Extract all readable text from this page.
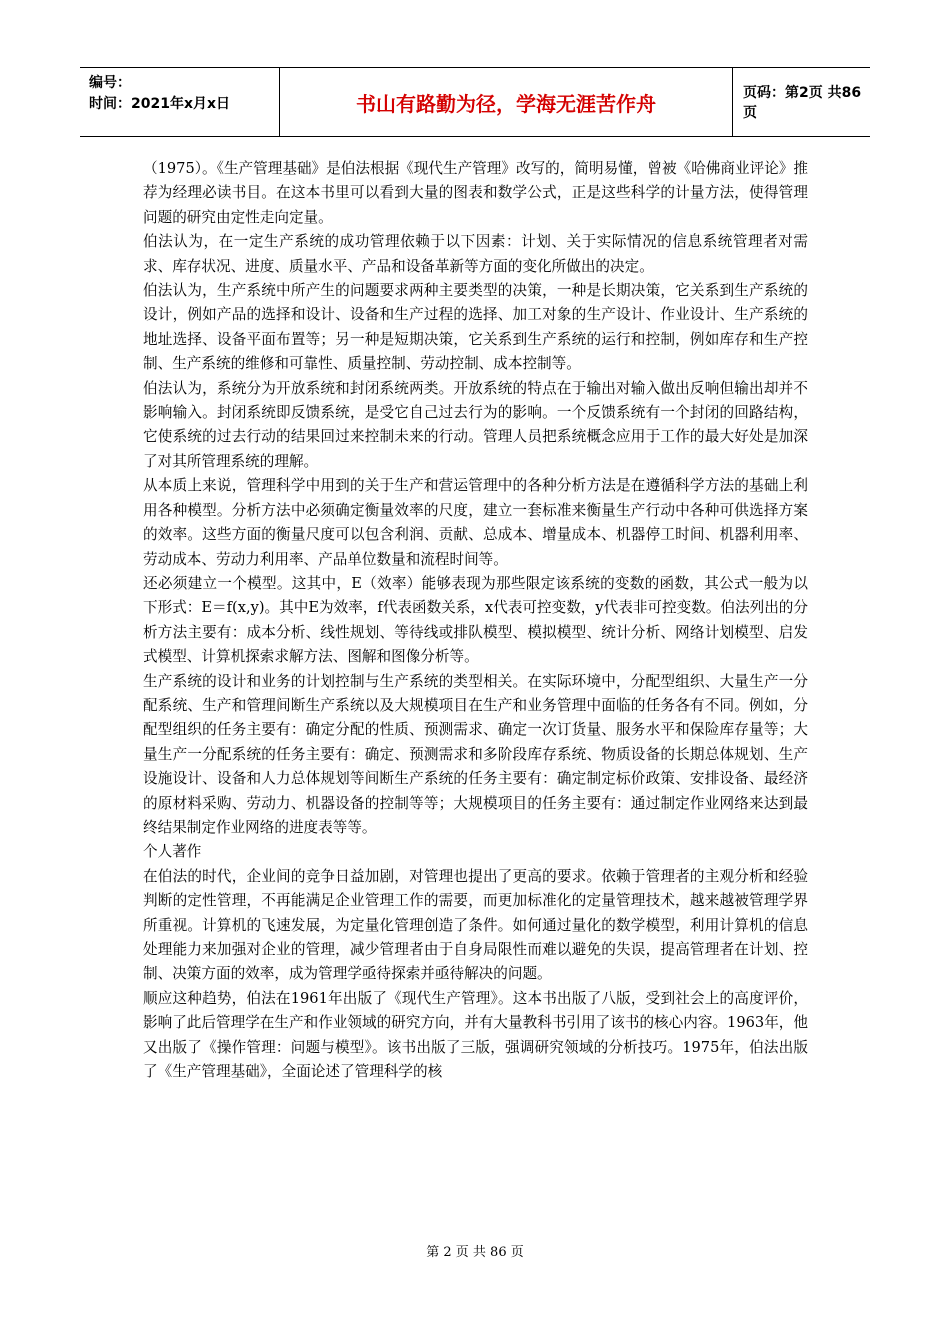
编号：
时间：2021年x月x日	书山有路勤为径，学海无涯苦作舟	页码：第2页 共86页

（1975）。《生产管理基础》是伯法根据《现代生产管理》改写的，简明易懂，曾被《哈佛商业评论》推荐为经理必读书目。在这本书里可以看到大量的图表和数学公式，正是这些科学的计量方法，使得管理问题的研究由定性走向定量。

伯法认为，在一定生产系统的成功管理依赖于以下因素：计划、关于实际情况的信息系统管理者对需求、库存状况、进度、质量水平、产品和设备革新等方面的变化所做出的决定。

伯法认为，生产系统中所产生的问题要求两种主要类型的决策，一种是长期决策，它关系到生产系统的设计，例如产品的选择和设计、设备和生产过程的选择、加工对象的生产设计、作业设计、生产系统的地址选择、设备平面布置等；另一种是短期决策，它关系到生产系统的运行和控制，例如库存和生产控制、生产系统的维修和可靠性、质量控制、劳动控制、成本控制等。

伯法认为，系统分为开放系统和封闭系统两类。开放系统的特点在于输出对输入做出反响但输出却并不影响输入。封闭系统即反馈系统，是受它自己过去行为的影响。一个反馈系统有一个封闭的回路结构，它使系统的过去行动的结果回过来控制未来的行动。管理人员把系统概念应用于工作的最大好处是加深了对其所管理系统的理解。

从本质上来说，管理科学中用到的关于生产和营运管理中的各种分析方法是在遵循科学方法的基础上利用各种模型。分析方法中必须确定衡量效率的尺度，建立一套标准来衡量生产行动中各种可供选择方案的效率。这些方面的衡量尺度可以包含利润、贡献、总成本、增量成本、机器停工时间、机器利用率、劳动成本、劳动力利用率、产品单位数量和流程时间等。

还必须建立一个模型。这其中，E（效率）能够表现为那些限定该系统的变数的函数，其公式一般为以下形式：E＝f(x,y)。其中E为效率，f代表函数关系，x代表可控变数，y代表非可控变数。伯法列出的分析方法主要有：成本分析、线性规划、等待线或排队模型、模拟模型、统计分析、网络计划模型、启发式模型、计算机探索求解方法、图解和图像分析等。

生产系统的设计和业务的计划控制与生产系统的类型相关。在实际环境中，分配型组织、大量生产一分配系统、生产和管理间断生产系统以及大规模项目在生产和业务管理中面临的任务各有不同。例如，分配型组织的任务主要有：确定分配的性质、预测需求、确定一次订货量、服务水平和保险库存量等；大量生产一分配系统的任务主要有：确定、预测需求和多阶段库存系统、物质设备的长期总体规划、生产设施设计、设备和人力总体规划等间断生产系统的任务主要有：确定制定标价政策、安排设备、最经济的原材料采购、劳动力、机器设备的控制等等；大规模项目的任务主要有：通过制定作业网络来达到最终结果制定作业网络的进度表等等。

个人著作

在伯法的时代，企业间的竞争日益加剧，对管理也提出了更高的要求。依赖于管理者的主观分析和经验判断的定性管理，不再能满足企业管理工作的需要，而更加标准化的定量管理技术，越来越被管理学界所重视。计算机的飞速发展，为定量化管理创造了条件。如何通过量化的数学模型，利用计算机的信息处理能力来加强对企业的管理，减少管理者由于自身局限性而难以避免的失误，提高管理者在计划、控制、决策方面的效率，成为管理学亟待探索并亟待解决的问题。

顺应这种趋势，伯法在1961年出版了《现代生产管理》。这本书出版了八版，受到社会上的高度评价，影响了此后管理学在生产和作业领域的研究方向，并有大量教科书引用了该书的核心内容。1963年，他又出版了《操作管理：问题与模型》。该书出版了三版，强调研究领域的分析技巧。1975年，伯法出版了《生产管理基础》，全面论述了管理科学的核

第 2 页 共 86 页
